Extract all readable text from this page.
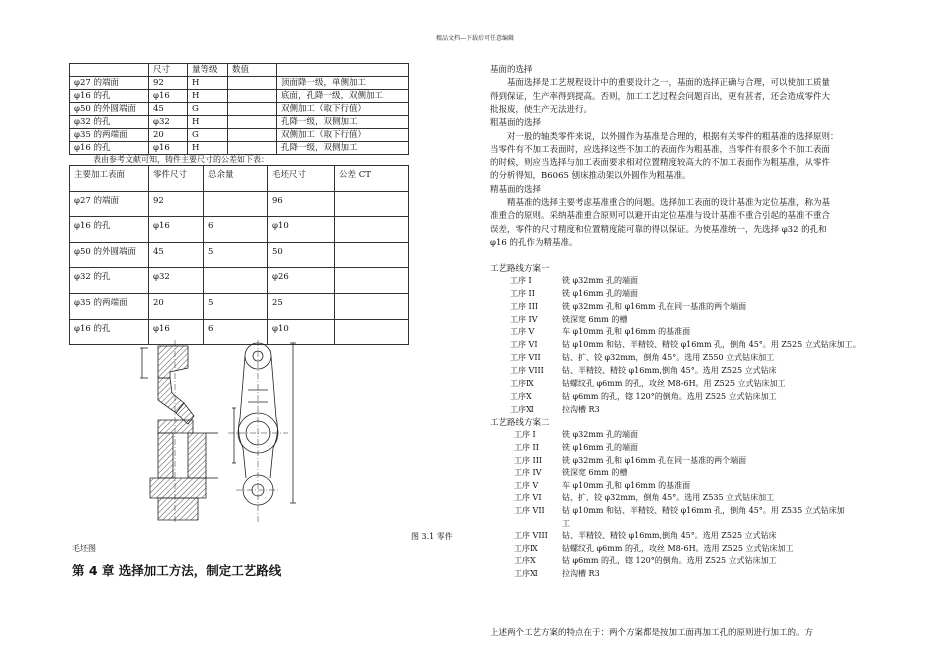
精品文档---下载后可任意编辑
	尺寸	量等级	数值	
φ27 的端面	92	H		顶面降一级，单侧加工
φ16 的孔	φ16	H		底面，孔降一级，双侧加工
φ50 的外圆端面	45	G		双侧加工（取下行值）
φ32 的孔	φ32	H		孔降一级，双侧加工
φ35 的两端面	20	G		双侧加工（取下行值）
φ16 的孔	φ16	H		孔降一级，双侧加工
表由参考文献可知，铸件主要尺寸的公差如下表：
主要加工表面	零件尺寸	总余量	毛坯尺寸	公差 CT
φ27 的端面	92		96	
φ16 的孔	φ16	6	φ10	
φ50 的外圆端面	45	5	50	
φ32 的孔	φ32		φ26	
φ35 的两端面	20	5	25	
φ16 的孔	φ16	6	φ10	
图 3.1 零件
毛坯图
第 4 章 选择加工方法，制定工艺路线
基面的选择
基面选择是工艺规程设计中的重要设计之一，基面的选择正确与合理，可以使加工质量
得到保证，生产率得到提高。否则，加工工艺过程会问题百出，更有甚者，还会造成零件大
批报废，使生产无法进行。
粗基面的选择
对一般的轴类零件来说，以外圆作为基准是合理的，根据有关零件的粗基准的选择原则：
当零件有不加工表面时，应选择这些不加工的表面作为粗基准，当零件有很多个不加工表面
的时候，则应当选择与加工表面要求相对位置精度较高大的不加工表面作为粗基准，从零件
的分析得知，B6065 刨床推动架以外圆作为粗基准。
精基面的选择
精基准的选择主要考虑基准重合的问题。选择加工表面的设计基准为定位基准，称为基
准重合的原则。采纳基准重合原则可以避开由定位基准与设计基准不重合引起的基准不重合
误差，零件的尺寸精度和位置精度能可靠的得以保证。为使基准统一，先选择 φ32 的孔和
φ16 的孔作为精基准。
工艺路线方案一
工序 I	铣 φ32mm 孔的端面
工序 II	铣 φ16mm 孔的端面
工序 III	铣 φ32mm 孔和 φ16mm 孔在同一基准的两个端面
工序 IV	铣深宽 6mm 的槽
工序 V	车 φ10mm 孔和 φ16mm 的基准面
工序 VI	钻 φ10mm 和钻、半精铰、精铰 φ16mm 孔，倒角 45°。用 Z525 立式钻床加工。
工序 VII	钻、扩、铰 φ32mm，倒角 45°。选用 Z550 立式钻床加工
工序 VIII 钻、半精铰、精铰 φ16mm,倒角 45°。选用 Z525 立式钻床
工序Ⅸ	钻螺纹孔 φ6mm 的孔，攻丝 M8-6H。用 Z525 立式钻床加工
工序Ⅹ	钻 φ6mm 的孔，锪 120°的倒角。选用 Z525 立式钻床加工
工序Ⅺ	拉沟槽 R3
工艺路线方案二
工序 I	铣 φ32mm 孔的端面
工序 II	铣 φ16mm 孔的端面
工序 III 铣 φ32mm 孔和 φ16mm 孔在同一基准的两个端面
工序 IV	铣深宽 6mm 的槽
工序 V	车 φ10mm 孔和 φ16mm 的基准面
工序 VI	钻、扩、铰 φ32mm，倒角 45°。选用 Z535 立式钻床加工
工序 VII 钻 φ10mm 和钻、半精铰、精铰 φ16mm 孔，倒角 45°。用 Z535 立式钻床加
工
工序 VIII 钻、半精铰、精铰 φ16mm,倒角 45°。选用 Z525 立式钻床
工序Ⅸ	钻螺纹孔 φ6mm 的孔，攻丝 M8-6H。选用 Z525 立式钻床加工
工序Ⅹ	钻 φ6mm 的孔，锪 120°的倒角。选用 Z525 立式钻床加工
工序Ⅺ	拉沟槽 R3
上述两个工艺方案的特点在于：两个方案都是按加工面再加工孔的原则进行加工的。方
